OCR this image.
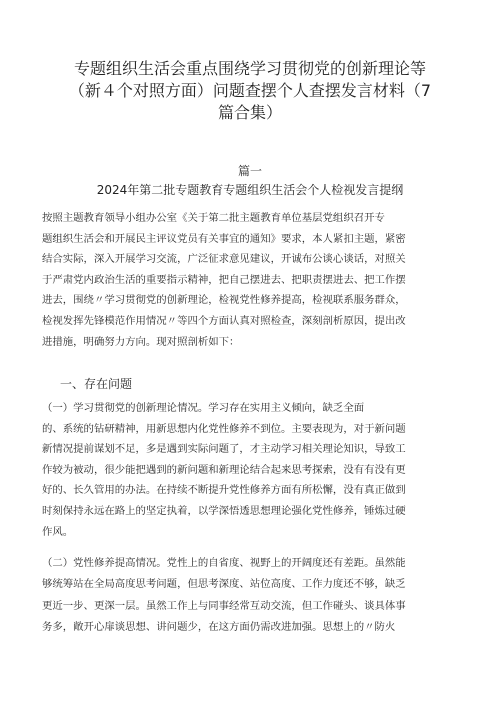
专题组织生活会重点围绕学习贯彻党的创新理论等
（新４个对照方面）问题查摆个人查摆发言材料（7
篇合集）
篇一
2024年第二批专题教育专题组织生活会个人检视发言提纲
按照主题教育领导小组办公室《关于第二批主题教育单位基层党组织召开专
题组织生活会和开展民主评议党员有关事宜的通知》要求，本人紧扣主题，紧密
结合实际，深入开展学习交流，广泛征求意见建议，开诚布公谈心谈话，对照关
于严肃党内政治生活的重要指示精神，把自己摆进去、把职责摆进去、把工作摆
进去，围绕〃学习贯彻党的创新理论，检视党性修养提高，检视联系服务群众，
检视发挥先锋模范作用情况〃等四个方面认真对照检查，深刻剖析原因，提出改
进措施，明确努力方向。现对照剖析如下：
一、存在问题
（一）学习贯彻党的创新理论情况。学习存在实用主义倾向，缺乏全面
的、系统的钻研精神，用新思想内化党性修养不到位。主要表现为，对于新问题
新情况提前谋划不足，多是遇到实际问题了，才主动学习相关理论知识，导致工
作较为被动，很少能把遇到的新问题和新理论结合起来思考探索，没有有没有更
好的、长久管用的办法。在持续不断提升党性修养方面有所松懈，没有真正做到
时刻保持永远在路上的坚定执着，以学深悟透思想理论强化党性修养，锤炼过硬
作风。
（二）党性修养提高情况。党性上的自省度、视野上的开阔度还有差距。虽然能
够统筹站在全局高度思考问题，但思考深度、站位高度、工作力度还不够，缺乏
更近一步、更深一层。虽然工作上与同事经常互动交流，但工作碰头、谈具体事
务多，敞开心扉谈思想、讲问题少，在这方面仍需改进加强。思想上的〃防火
